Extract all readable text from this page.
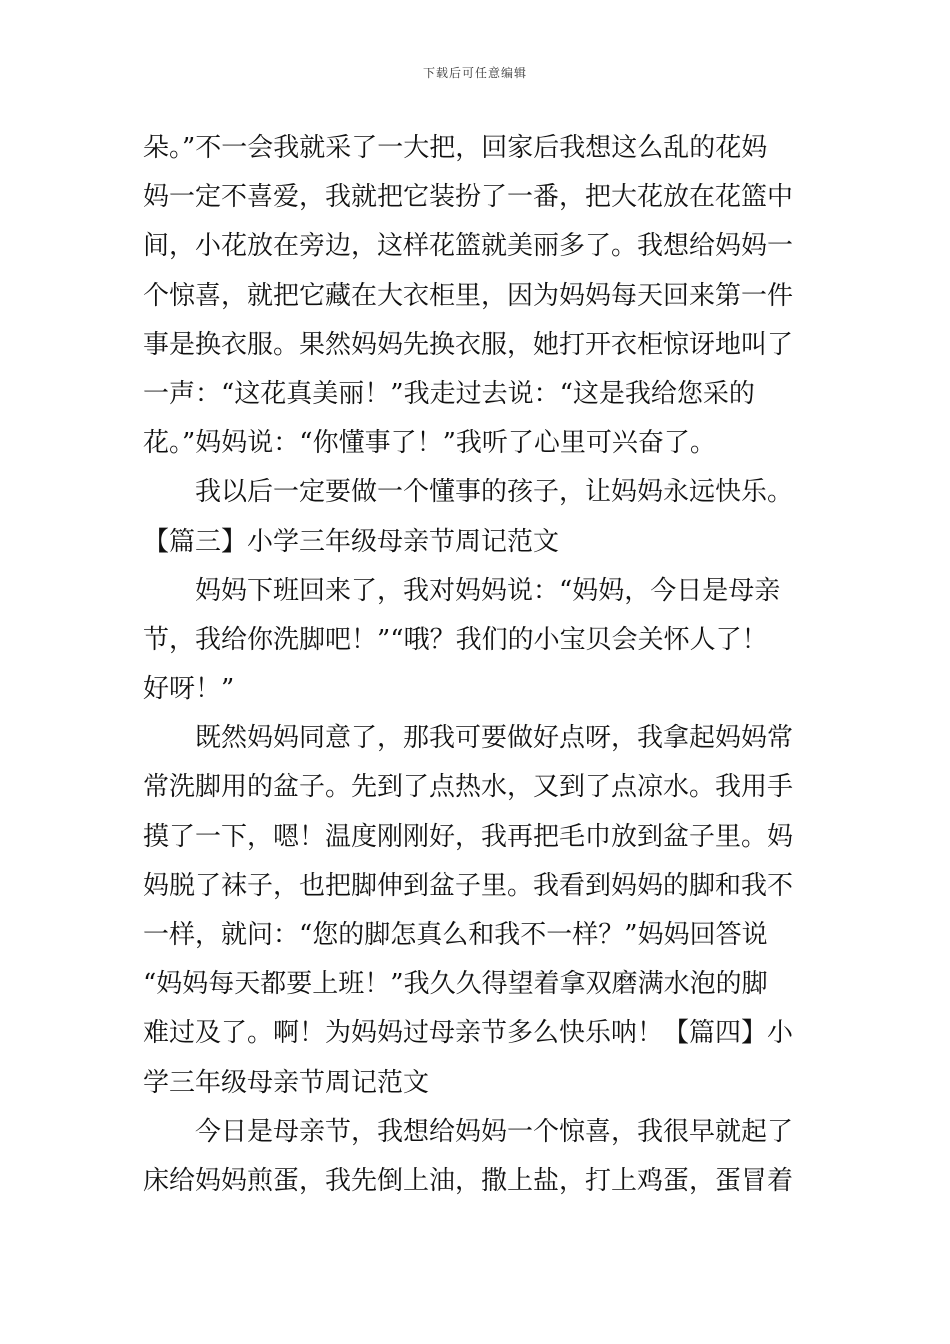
下载后可任意编辑
朵。”不一会我就采了一大把，回家后我想这么乱的花妈
妈一定不喜爱，我就把它装扮了一番，把大花放在花篮中
间，小花放在旁边，这样花篮就美丽多了。我想给妈妈一
个惊喜，就把它藏在大衣柜里，因为妈妈每天回来第一件
事是换衣服。果然妈妈先换衣服，她打开衣柜惊讶地叫了
一声：“这花真美丽！”我走过去说：“这是我给您采的
花。”妈妈说：“你懂事了！”我听了心里可兴奋了。
　　我以后一定要做一个懂事的孩子，让妈妈永远快乐。
【篇三】小学三年级母亲节周记范文
　　妈妈下班回来了，我对妈妈说：“妈妈，今日是母亲
节，我给你洗脚吧！”“哦？我们的小宝贝会关怀人了！
好呀！”
　　既然妈妈同意了，那我可要做好点呀，我拿起妈妈常
常洗脚用的盆子。先到了点热水，又到了点凉水。我用手
摸了一下，嗯！温度刚刚好，我再把毛巾放到盆子里。妈
妈脱了袜子，也把脚伸到盆子里。我看到妈妈的脚和我不
一样，就问：“您的脚怎真么和我不一样？”妈妈回答说
“妈妈每天都要上班！”我久久得望着拿双磨满水泡的脚
难过及了。啊！为妈妈过母亲节多么快乐呐！【篇四】小
学三年级母亲节周记范文
　　今日是母亲节，我想给妈妈一个惊喜，我很早就起了
床给妈妈煎蛋，我先倒上油，撒上盐，打上鸡蛋，蛋冒着
